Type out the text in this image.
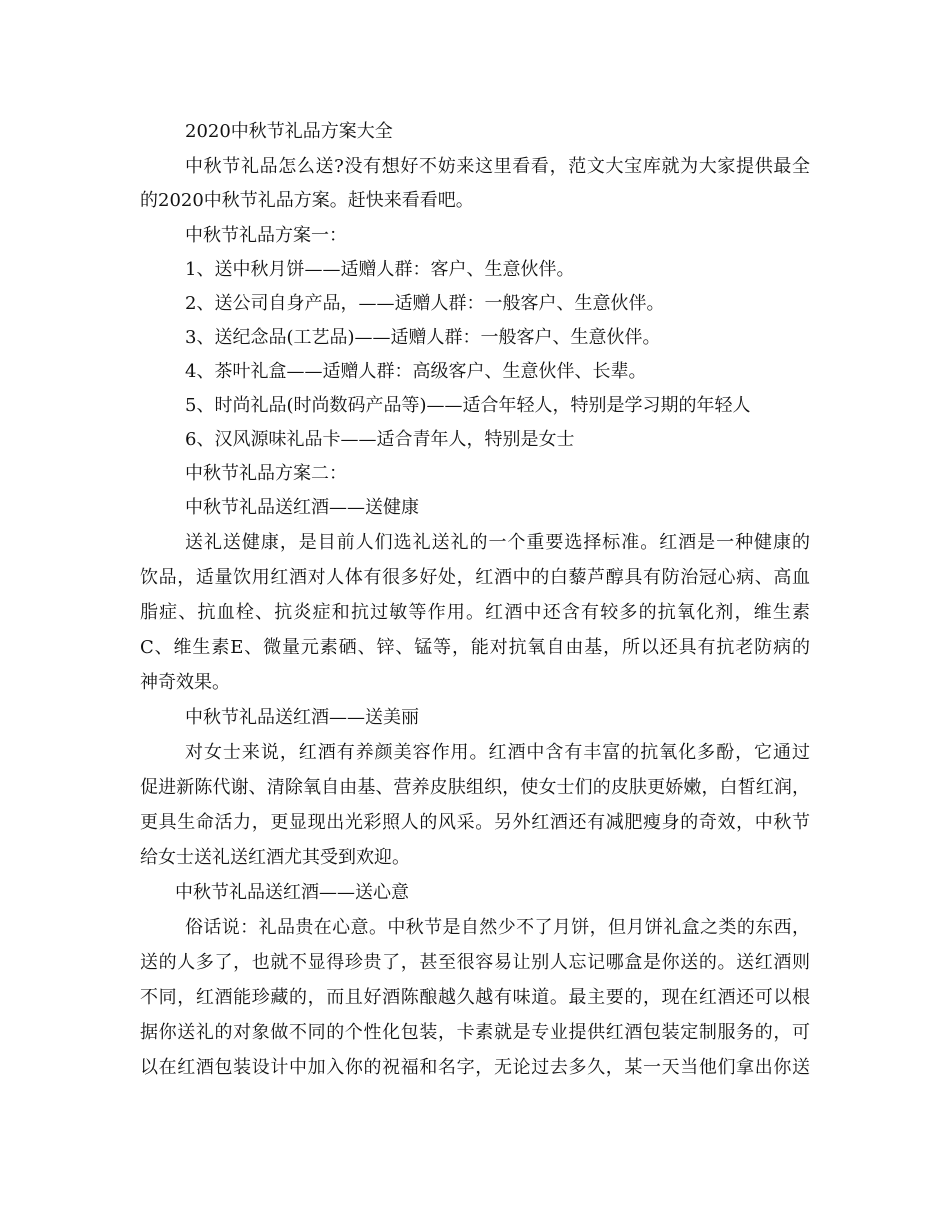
2020中秋节礼品方案大全
中秋节礼品怎么送?没有想好不妨来这里看看，范文大宝库就为大家提供最全
的2020中秋节礼品方案。赶快来看看吧。
中秋节礼品方案一：
1、送中秋月饼——适赠人群：客户、生意伙伴。
2、送公司自身产品，——适赠人群：一般客户、生意伙伴。
3、送纪念品(工艺品)——适赠人群：一般客户、生意伙伴。
4、茶叶礼盒——适赠人群：高级客户、生意伙伴、长辈。
5、时尚礼品(时尚数码产品等)——适合年轻人，特别是学习期的年轻人
6、汉风源味礼品卡——适合青年人，特别是女士
中秋节礼品方案二：
中秋节礼品送红酒——送健康
送礼送健康，是目前人们选礼送礼的一个重要选择标准。红酒是一种健康的
饮品，适量饮用红酒对人体有很多好处，红酒中的白藜芦醇具有防治冠心病、高血
脂症、抗血栓、抗炎症和抗过敏等作用。红酒中还含有较多的抗氧化剂，维生素
C、维生素E、微量元素硒、锌、锰等，能对抗氧自由基，所以还具有抗老防病的
神奇效果。
中秋节礼品送红酒——送美丽
对女士来说，红酒有养颜美容作用。红酒中含有丰富的抗氧化多酚，它通过
促进新陈代谢、清除氧自由基、营养皮肤组织，使女士们的皮肤更娇嫩，白皙红润，
更具生命活力，更显现出光彩照人的风采。另外红酒还有减肥瘦身的奇效，中秋节
给女士送礼送红酒尤其受到欢迎。
中秋节礼品送红酒——送心意
俗话说：礼品贵在心意。中秋节是自然少不了月饼，但月饼礼盒之类的东西，
送的人多了，也就不显得珍贵了，甚至很容易让别人忘记哪盒是你送的。送红酒则
不同，红酒能珍藏的，而且好酒陈酿越久越有味道。最主要的，现在红酒还可以根
据你送礼的对象做不同的个性化包装，卡素就是专业提供红酒包装定制服务的，可
以在红酒包装设计中加入你的祝福和名字，无论过去多久，某一天当他们拿出你送
